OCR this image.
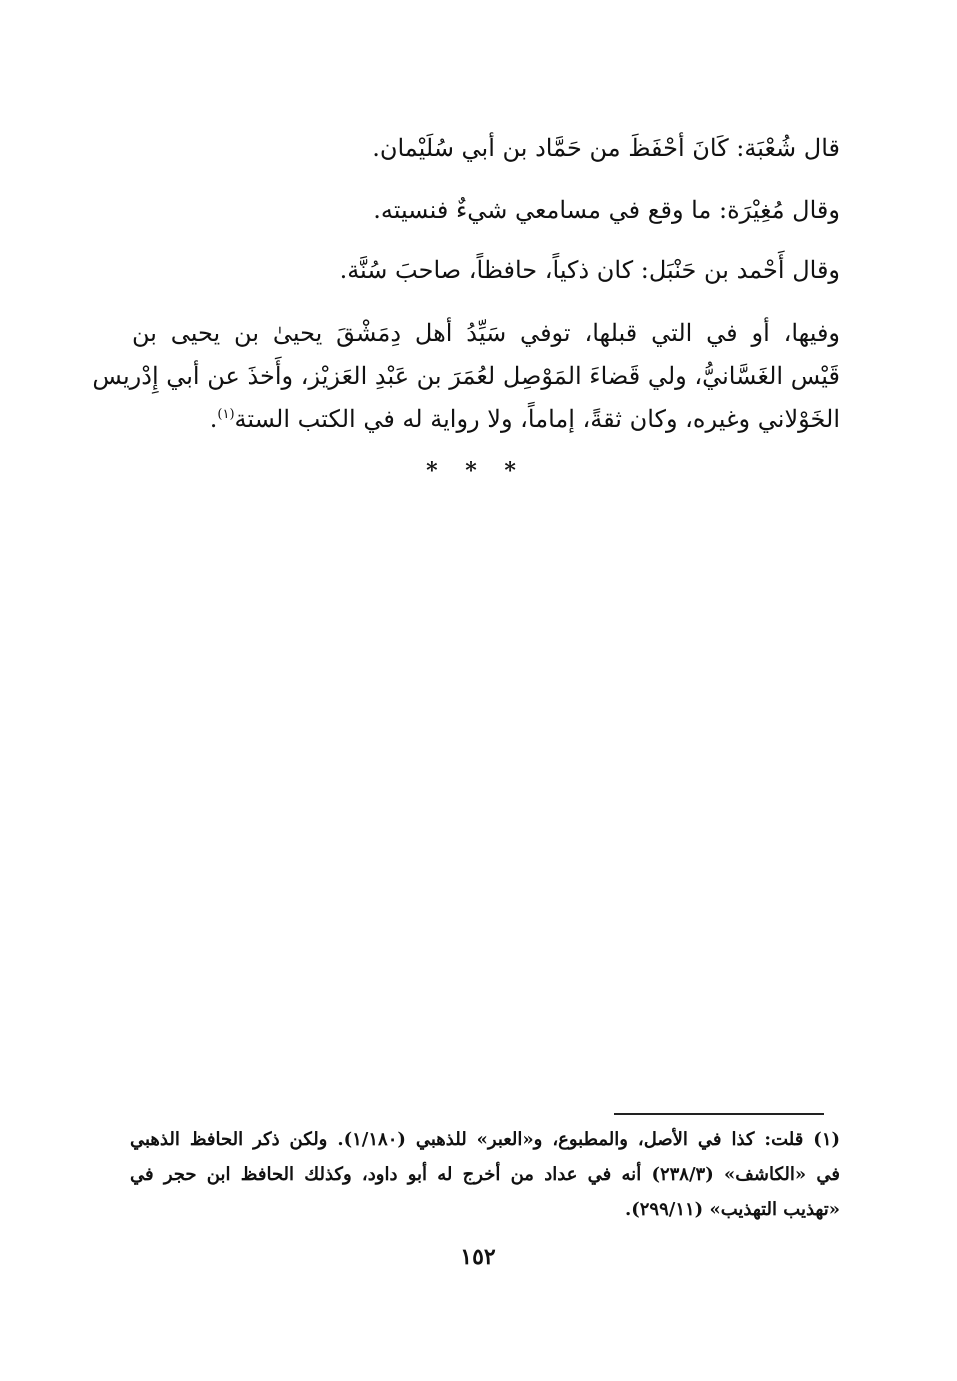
قال شُعْبَة: كَانَ أحْفَظَ من حَمَّاد بن أبي سُلَيْمان.
وقال مُغِيْرَة: ما وقع في مسامعي شيءٌ فنسيته.
وقال أَحْمد بن حَنْبَل: كان ذكياً، حافظاً، صاحبَ سُنَّة.
وفيها، أو في التي قبلها، توفي سَيِّدُ أهل دِمَشْقَ يحيىٰ بن يحيى بن
قَيْس الغَسَّانيُّ، ولي قَضاءَ المَوْصِل لعُمَرَ بن عَبْدِ العَزيْز، وأَخذَ عن أبي إِدْريس
الخَوْلاني وغيره، وكان ثقةً، إماماً، ولا رواية له في الكتب الستة$^{(١)}$.
* * *
(١) قلت: كذا في الأصل، والمطبوع، و«العبر» للذهبي (١/١٨٠). ولكن ذكر الحافظ الذهبي
في «الكاشف» (٢٣٨/٣) أنه في عداد من أخرج له أبو داود، وكذلك الحافظ ابن حجر في
«تهذيب التهذيب» (٢٩٩/١١).
١٥٢
